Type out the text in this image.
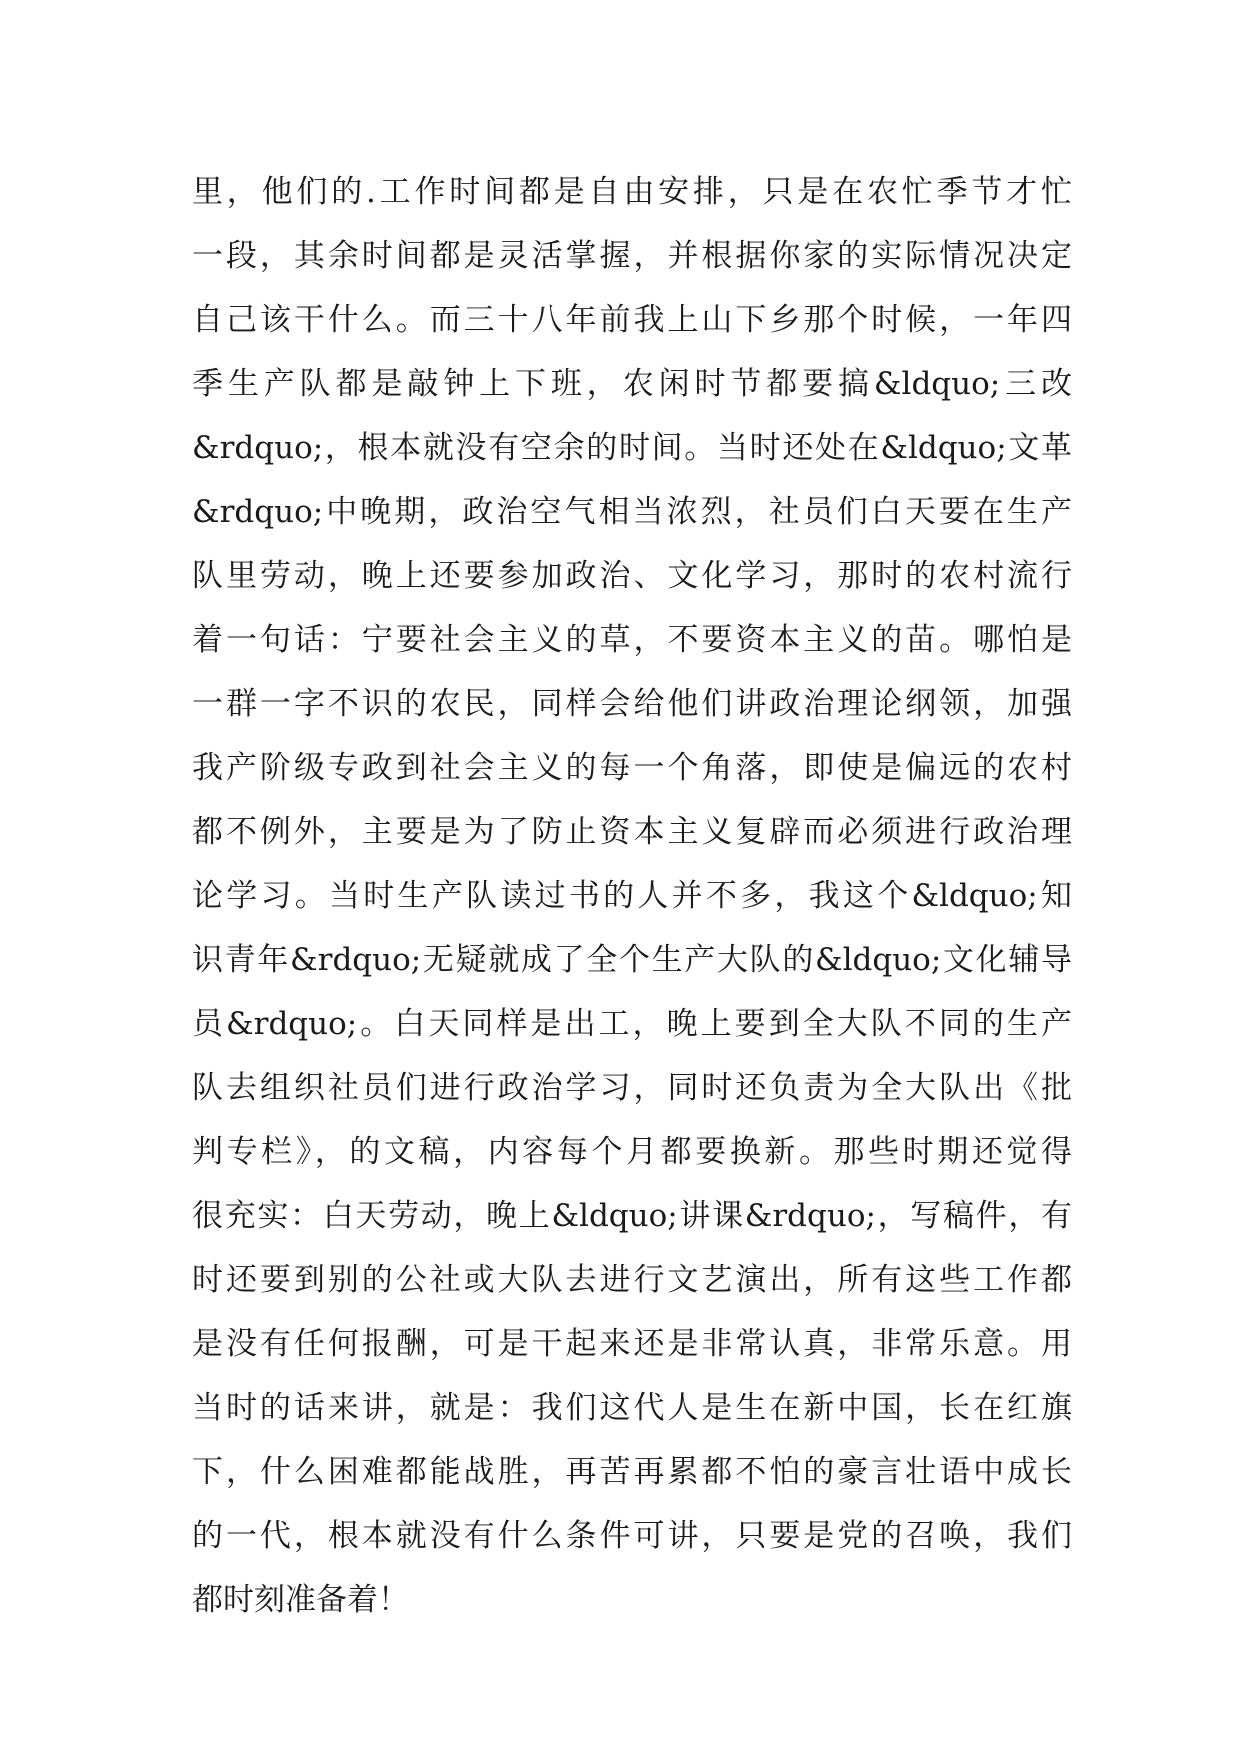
里，他们的.工作时间都是自由安排，只是在农忙季节才忙
一段，其余时间都是灵活掌握，并根据你家的实际情况决定
自己该干什么。而三十八年前我上山下乡那个时候，一年四
季生产队都是敲钟上下班，农闲时节都要搞&ldquo;三改
&rdquo;，根本就没有空余的时间。当时还处在&ldquo;文革
&rdquo;中晚期，政治空气相当浓烈，社员们白天要在生产
队里劳动，晚上还要参加政治、文化学习，那时的农村流行
着一句话：宁要社会主义的草，不要资本主义的苗。哪怕是
一群一字不识的农民，同样会给他们讲政治理论纲领，加强
我产阶级专政到社会主义的每一个角落，即使是偏远的农村
都不例外，主要是为了防止资本主义复辟而必须进行政治理
论学习。当时生产队读过书的人并不多，我这个&ldquo;知
识青年&rdquo;无疑就成了全个生产大队的&ldquo;文化辅导
员&rdquo;。白天同样是出工，晚上要到全大队不同的生产
队去组织社员们进行政治学习，同时还负责为全大队出《批
判专栏》，的文稿，内容每个月都要换新。那些时期还觉得
很充实：白天劳动，晚上&ldquo;讲课&rdquo;，写稿件，有
时还要到别的公社或大队去进行文艺演出，所有这些工作都
是没有任何报酬，可是干起来还是非常认真，非常乐意。用
当时的话来讲，就是：我们这代人是生在新中国，长在红旗
下，什么困难都能战胜，再苦再累都不怕的豪言壮语中成长
的一代，根本就没有什么条件可讲，只要是党的召唤，我们
都时刻准备着！
